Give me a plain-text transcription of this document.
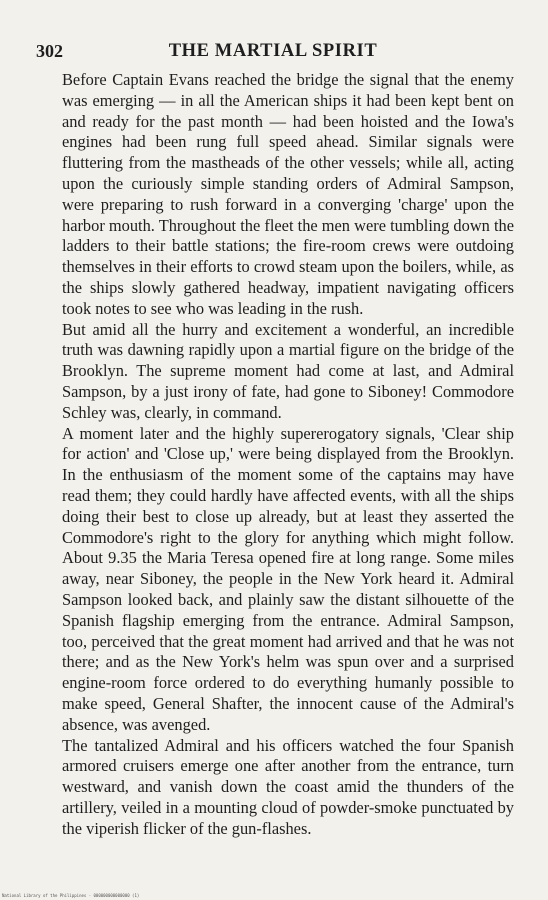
302	THE MARTIAL SPIRIT

Before Captain Evans reached the bridge the signal that the enemy was emerging — in all the American ships it had been kept bent on and ready for the past month — had been hoisted and the Iowa's engines had been rung full speed ahead. Similar signals were fluttering from the mastheads of the other vessels; while all, acting upon the curiously simple standing orders of Admiral Sampson, were preparing to rush forward in a converging 'charge' upon the harbor mouth. Throughout the fleet the men were tumbling down the ladders to their battle stations; the fire-room crews were outdoing themselves in their efforts to crowd steam upon the boilers, while, as the ships slowly gathered headway, impatient navigating officers took notes to see who was leading in the rush.

But amid all the hurry and excitement a wonderful, an incredible truth was dawning rapidly upon a martial figure on the bridge of the Brooklyn. The supreme moment had come at last, and Admiral Sampson, by a just irony of fate, had gone to Siboney! Commodore Schley was, clearly, in command.

A moment later and the highly supererogatory signals, 'Clear ship for action' and 'Close up,' were being displayed from the Brooklyn. In the enthusiasm of the moment some of the captains may have read them; they could hardly have affected events, with all the ships doing their best to close up already, but at least they asserted the Commodore's right to the glory for anything which might follow. About 9.35 the Maria Teresa opened fire at long range. Some miles away, near Siboney, the people in the New York heard it. Admiral Sampson looked back, and plainly saw the distant silhouette of the Spanish flagship emerging from the entrance. Admiral Sampson, too, perceived that the great moment had arrived and that he was not there; and as the New York's helm was spun over and a surprised engine-room force ordered to do everything humanly possible to make speed, General Shafter, the innocent cause of the Admiral's absence, was avenged.

The tantalized Admiral and his officers watched the four Spanish armored cruisers emerge one after another from the entrance, turn westward, and vanish down the coast amid the thunders of the artillery, veiled in a mounting cloud of powder-smoke punctuated by the viperish flicker of the gun-flashes.

National Library of the Philippines · 000000000000000 (1)
